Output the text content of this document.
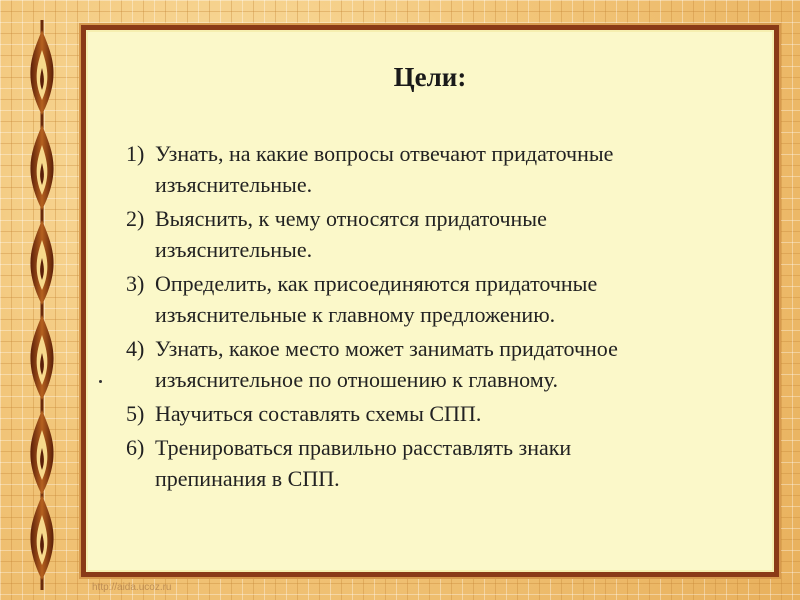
Цели:
1) Узнать, на какие вопросы отвечают придаточные
изъяснительные.
2) Выяснить, к чему относятся придаточные
изъяснительные.
3) Определить, как присоединяются придаточные
изъяснительные к главному предложению.
4) Узнать, какое место может занимать придаточное
изъяснительное по отношению к главному.
5) Научиться составлять схемы СПП.
6) Тренироваться правильно расставлять знаки
препинания в СПП.
http://aida.ucoz.ru
